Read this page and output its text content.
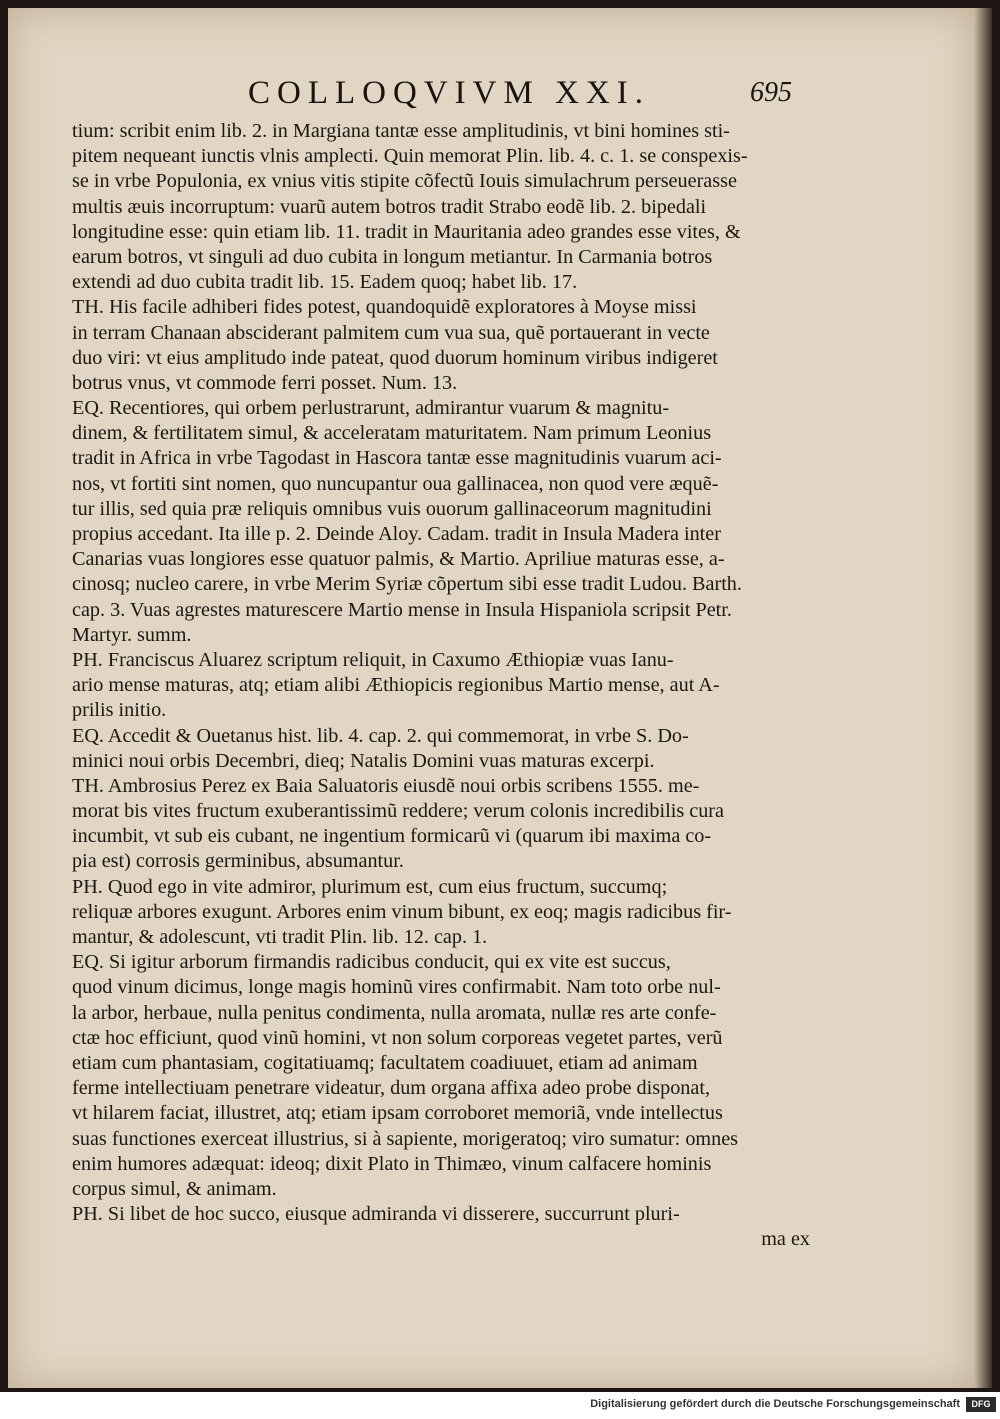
COLLOQVIVM XXI.	695
tium: scribit enim lib. 2. in Margiana tantæ esse amplitudinis, vt bini homines sti-
pitem nequeant iunctis vlnis amplecti. Quin memorat Plin. lib. 4. c. 1. se conspexis-
se in vrbe Populonia, ex vnius vitis stipite cõfectũ Iouis simulachrum perseuerasse
multis æuis incorruptum: vuarũ autem botros tradit Strabo eodẽ lib. 2. bipedali
longitudine esse: quin etiam lib. 11. tradit in Mauritania adeo grandes esse vites, &
earum botros, vt singuli ad duo cubita in longum metiantur. In Carmania botros
extendi ad duo cubita tradit lib. 15. Eadem quoq; habet lib. 17.
TH. His facile adhiberi fides potest, quandoquidẽ exploratores à Moyse missi
in terram Chanaan absciderant palmitem cum vua sua, quẽ portauerant in vecte
duo viri: vt eius amplitudo inde pateat, quod duorum hominum viribus indigeret
botrus vnus, vt commode ferri posset. Num. 13.
EQ. Recentiores, qui orbem perlustrarunt, admirantur vuarum & magnitu-
dinem, & fertilitatem simul, & acceleratam maturitatem. Nam primum Leonius
tradit in Africa in vrbe Tagodast in Hascora tantæ esse magnitudinis vuarum aci-
nos, vt fortiti sint nomen, quo nuncupantur oua gallinacea, non quod vere æquẽ-
tur illis, sed quia præ reliquis omnibus vuis ouorum gallinaceorum magnitudini
propius accedant. Ita ille p. 2. Deinde Aloy. Cadam. tradit in Insula Madera inter
Canarias vuas longiores esse quatuor palmis, & Martio. Apriliue maturas esse, a-
cinosq; nucleo carere, in vrbe Merim Syriæ cõpertum sibi esse tradit Ludou. Barth.
cap. 3. Vuas agrestes maturescere Martio mense in Insula Hispaniola scripsit Petr.
Martyr. summ.
PH. Franciscus Aluarez scriptum reliquit, in Caxumo Æthiopiæ vuas Ianu-
ario mense maturas, atq; etiam alibi Æthiopicis regionibus Martio mense, aut A-
prilis initio.
EQ. Accedit & Ouetanus hist. lib. 4. cap. 2. qui commemorat, in vrbe S. Do-
minici noui orbis Decembri, dieq; Natalis Domini vuas maturas excerpi.
TH. Ambrosius Perez ex Baia Saluatoris eiusdẽ noui orbis scribens 1555. me-
morat bis vites fructum exuberantissimũ reddere; verum colonis incredibilis cura
incumbit, vt sub eis cubant, ne ingentium formicarũ vi (quarum ibi maxima co-
pia est) corrosis germinibus, absumantur.
PH. Quod ego in vite admiror, plurimum est, cum eius fructum, succumq;
reliquæ arbores exugunt. Arbores enim vinum bibunt, ex eoq; magis radicibus fir-
mantur, & adolescunt, vti tradit Plin. lib. 12. cap. 1.
EQ. Si igitur arborum firmandis radicibus conducit, qui ex vite est succus,
quod vinum dicimus, longe magis hominũ vires confirmabit. Nam toto orbe nul-
la arbor, herbaue, nulla penitus condimenta, nulla aromata, nullæ res arte confe-
ctæ hoc efficiunt, quod vinũ homini, vt non solum corporeas vegetet partes, verũ
etiam cum phantasiam, cogitatiuamq; facultatem coadiuuet, etiam ad animam
ferme intellectiuam penetrare videatur, dum organa affixa adeo probe disponat,
vt hilarem faciat, illustret, atq; etiam ipsam corroboret memoriã, vnde intellectus
suas functiones exerceat illustrius, si à sapiente, morigeratoq; viro sumatur: omnes
enim humores adæquat: ideoq; dixit Plato in Thimæo, vinum calfacere hominis
corpus simul, & animam.
PH. Si libet de hoc succo, eiusque admiranda vi disserere, succurrunt pluri-
ma ex
Digitalisierung gefördert durch die Deutsche Forschungsgemeinschaft	DFG
